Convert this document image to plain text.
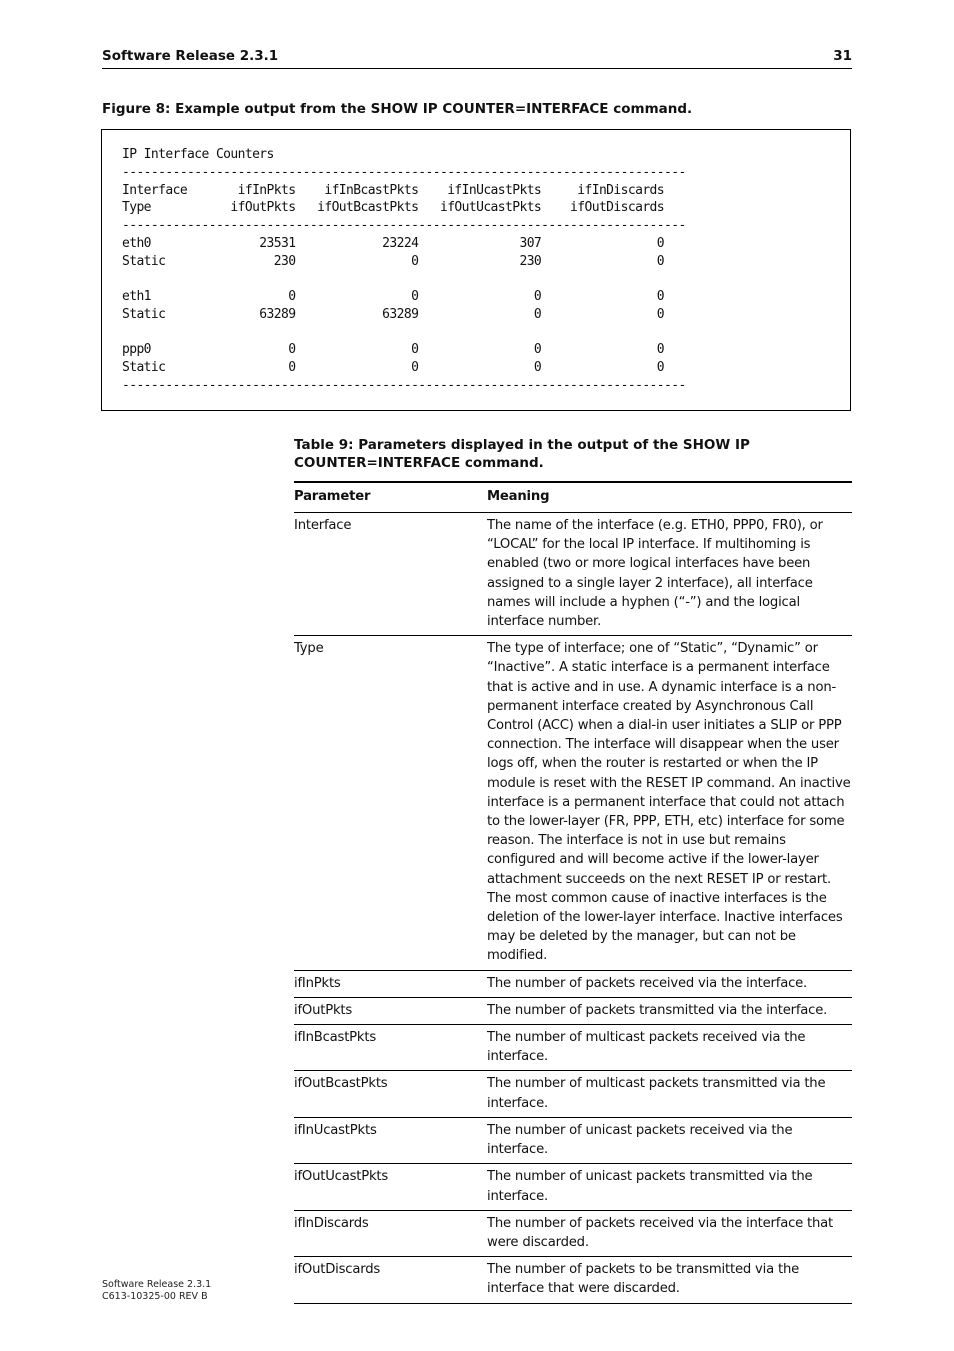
Software Release 2.3.1	31
Figure 8: Example output from the SHOW IP COUNTER=INTERFACE command.
IP Interface Counters
------------------------------------------------------------------------------
Interface       ifInPkts    ifInBcastPkts    ifInUcastPkts     ifInDiscards
Type           ifOutPkts   ifOutBcastPkts   ifOutUcastPkts    ifOutDiscards
------------------------------------------------------------------------------
eth0               23531            23224              307                0
Static               230                0              230                0

eth1                   0                0                0                0
Static             63289            63289                0                0

ppp0                   0                0                0                0
Static                 0                0                0                0
------------------------------------------------------------------------------

Table 9: Parameters displayed in the output of the SHOW IP COUNTER=INTERFACE command.
Parameter	Meaning
Interface	The name of the interface (e.g. ETH0, PPP0, FR0), or “LOCAL” for the local IP interface. If multihoming is enabled (two or more logical interfaces have been assigned to a single layer 2 interface), all interface names will include a hyphen (“-”) and the logical interface number.
Type	The type of interface; one of “Static”, “Dynamic” or “Inactive”. A static interface is a permanent interface that is active and in use. A dynamic interface is a non-permanent interface created by Asynchronous Call Control (ACC) when a dial-in user initiates a SLIP or PPP connection. The interface will disappear when the user logs off, when the router is restarted or when the IP module is reset with the RESET IP command. An inactive interface is a permanent interface that could not attach to the lower-layer (FR, PPP, ETH, etc) interface for some reason. The interface is not in use but remains configured and will become active if the lower-layer attachment succeeds on the next RESET IP or restart. The most common cause of inactive interfaces is the deletion of the lower-layer interface. Inactive interfaces may be deleted by the manager, but can not be modified.
ifInPkts	The number of packets received via the interface.
ifOutPkts	The number of packets transmitted via the interface.
ifInBcastPkts	The number of multicast packets received via the interface.
ifOutBcastPkts	The number of multicast packets transmitted via the interface.
ifInUcastPkts	The number of unicast packets received via the interface.
ifOutUcastPkts	The number of unicast packets transmitted via the interface.
ifInDiscards	The number of packets received via the interface that were discarded.
ifOutDiscards	The number of packets to be transmitted via the interface that were discarded.
Software Release 2.3.1
C613-10325-00 REV B
